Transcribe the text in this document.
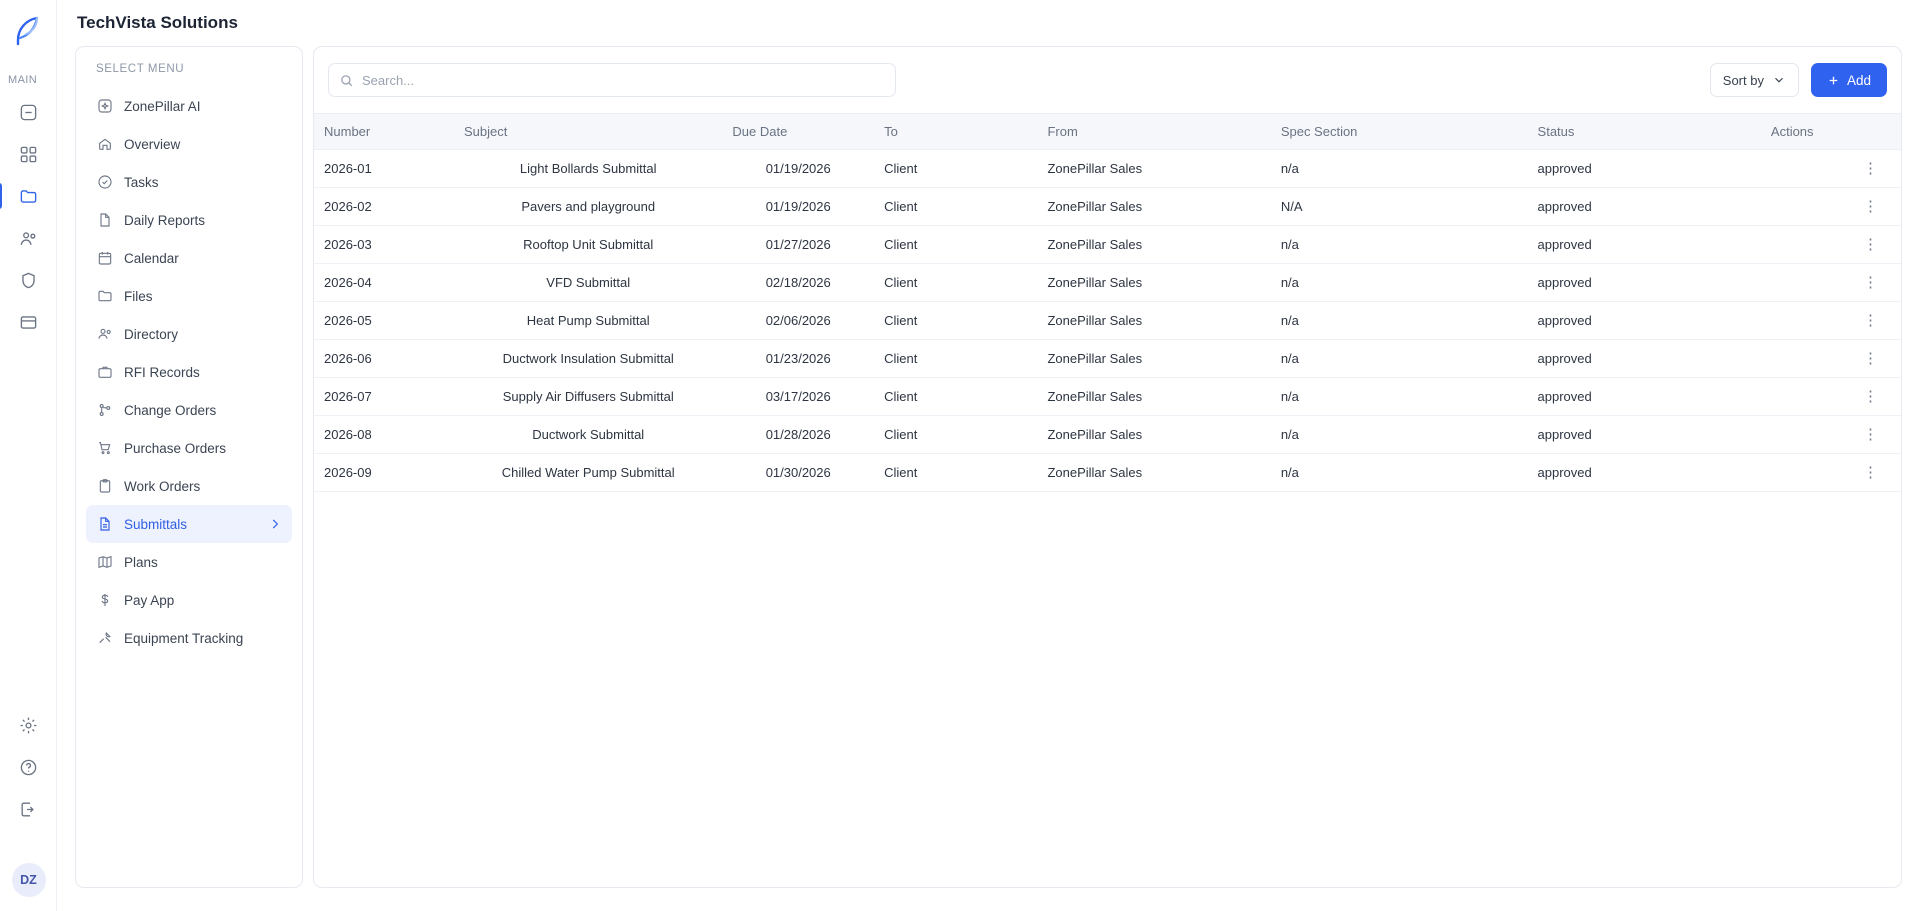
MAIN
DZ
TechVista Solutions
SELECT MENU
ZonePillar AI
Overview
Tasks
Daily Reports
Calendar
Files
Directory
RFI Records
Change Orders
Purchase Orders
Work Orders
Submittals
Plans
Pay App
Equipment Tracking
Search...
Sort by	Add
Number	Subject	Due Date	To	From	Spec Section	Status	Actions
2026-01	Light Bollards Submittal	01/19/2026	Client	ZonePillar Sales	n/a	approved	⋮
2026-02	Pavers and playground	01/19/2026	Client	ZonePillar Sales	N/A	approved	⋮
2026-03	Rooftop Unit Submittal	01/27/2026	Client	ZonePillar Sales	n/a	approved	⋮
2026-04	VFD Submittal	02/18/2026	Client	ZonePillar Sales	n/a	approved	⋮
2026-05	Heat Pump Submittal	02/06/2026	Client	ZonePillar Sales	n/a	approved	⋮
2026-06	Ductwork Insulation Submittal	01/23/2026	Client	ZonePillar Sales	n/a	approved	⋮
2026-07	Supply Air Diffusers Submittal	03/17/2026	Client	ZonePillar Sales	n/a	approved	⋮
2026-08	Ductwork Submittal	01/28/2026	Client	ZonePillar Sales	n/a	approved	⋮
2026-09	Chilled Water Pump Submittal	01/30/2026	Client	ZonePillar Sales	n/a	approved	⋮
